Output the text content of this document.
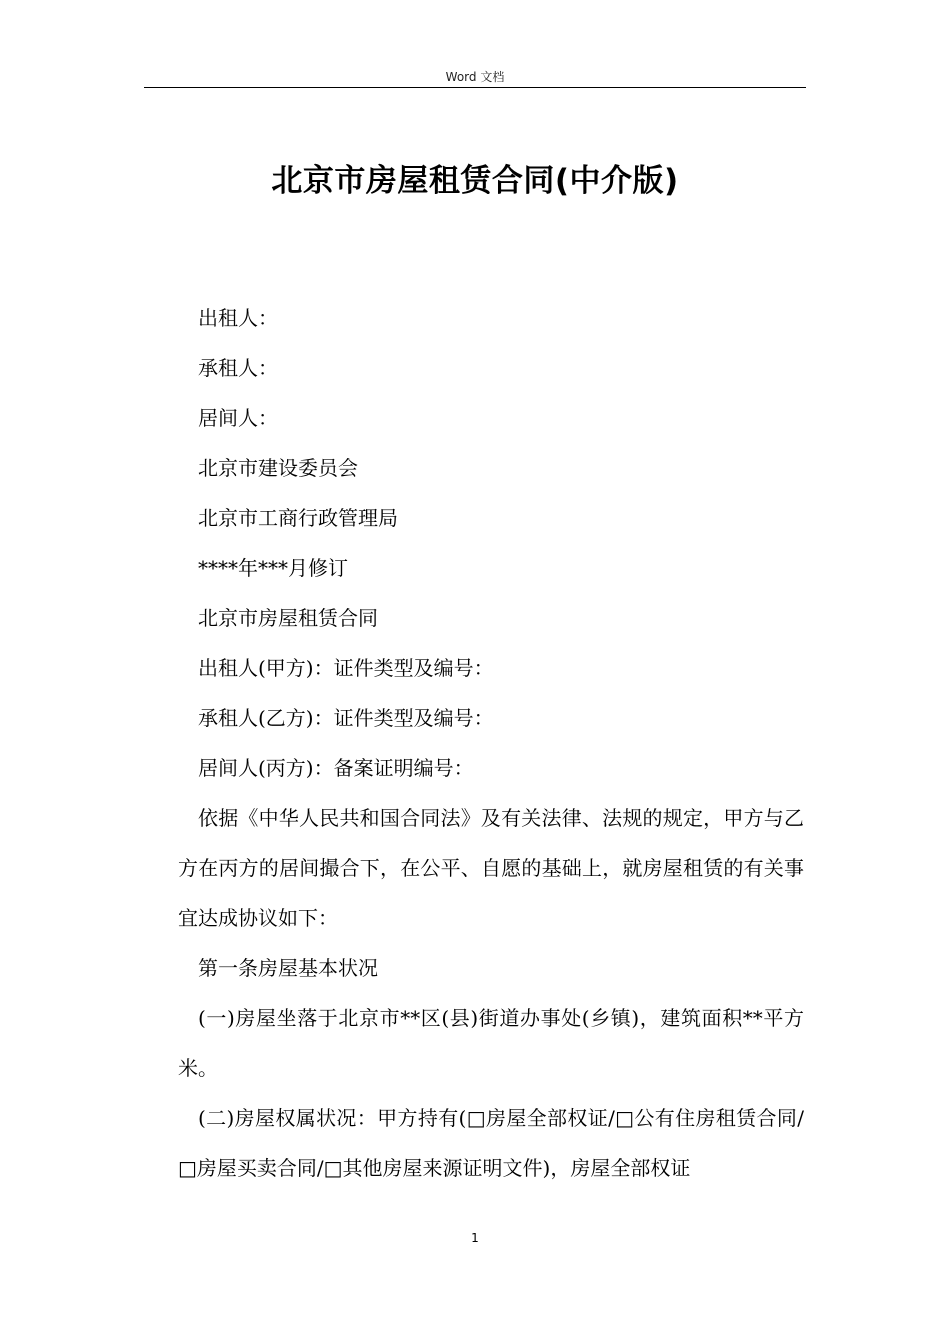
Word 文档
北京市房屋租赁合同(中介版)

出租人：

承租人：

居间人：

北京市建设委员会

北京市工商行政管理局

****年***月修订

北京市房屋租赁合同

出租人(甲方)：证件类型及编号：

承租人(乙方)：证件类型及编号：

居间人(丙方)：备案证明编号：

依据《中华人民共和国合同法》及有关法律、法规的规定，甲方与乙方在丙方的居间撮合下，在公平、自愿的基础上，就房屋租赁的有关事宜达成协议如下：

第一条房屋基本状况

(一)房屋坐落于北京市**区(县)街道办事处(乡镇)，建筑面积**平方米。

(二)房屋权属状况：甲方持有(□房屋全部权证/□公有住房租赁合同/□房屋买卖合同/□其他房屋来源证明文件)，房屋全部权证

1
